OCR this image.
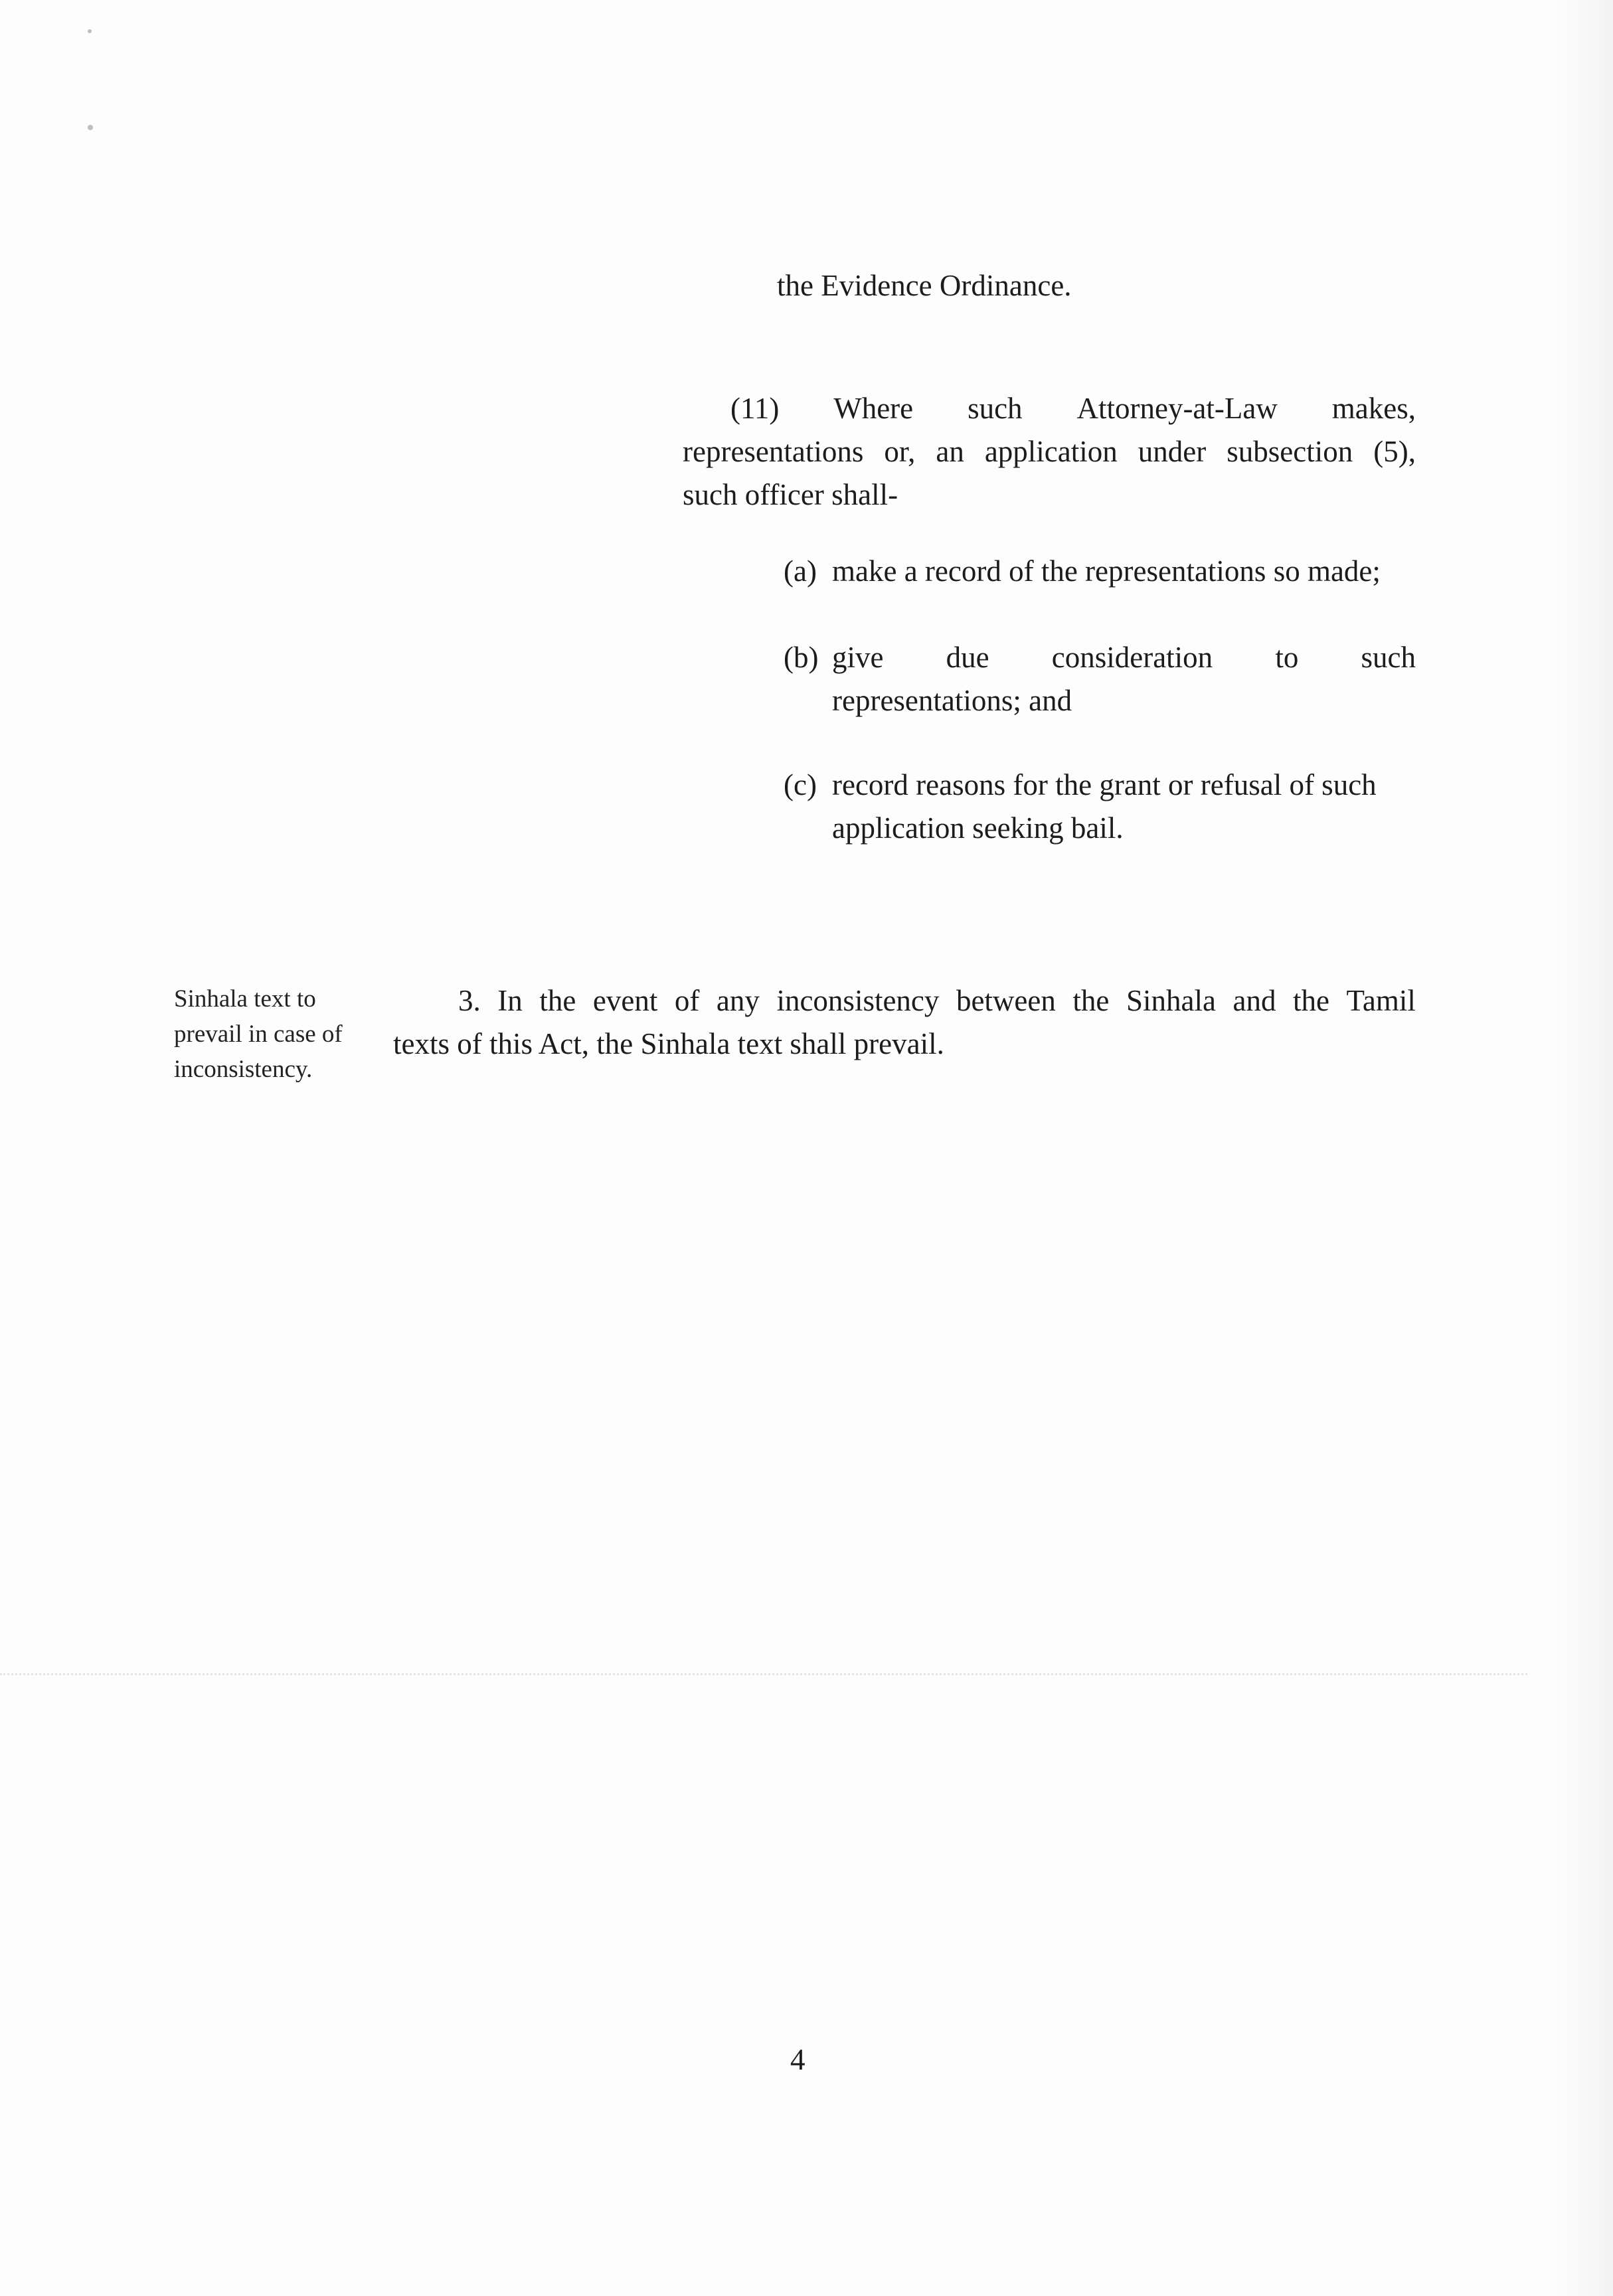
the Evidence Ordinance.
(11) Where such Attorney-at-Law makes,
representations or, an application under subsection (5),
such officer shall-
(a) make a record of the representations so made;
(b) give due consideration to such
representations; and
(c) record reasons for the grant or refusal of such
application seeking bail.
Sinhala text to
prevail in case of
inconsistency.
3. In the event of any inconsistency between the Sinhala and the Tamil
texts of this Act, the Sinhala text shall prevail.
4
